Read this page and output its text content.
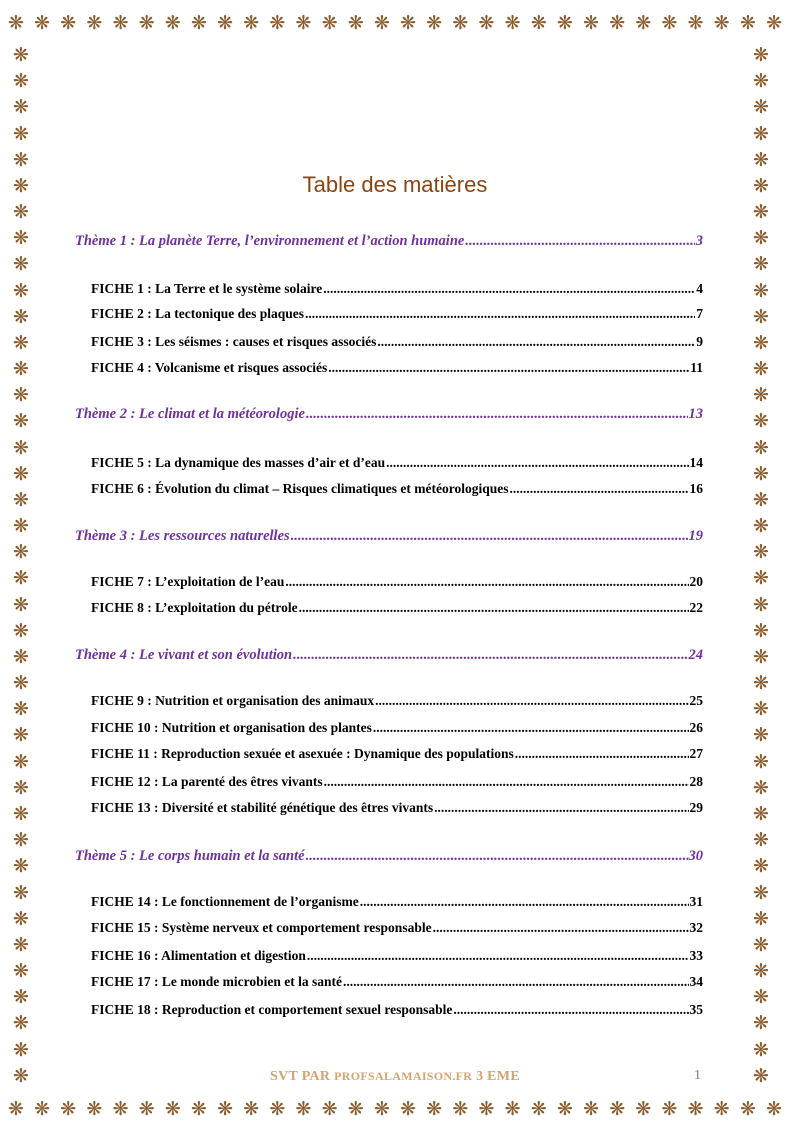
❋ ❋ ❋ ❋ ❋ ❋ ❋ ❋ ❋ ❋ ❋ ❋ ❋ ❋ ❋ ❋ ❋ ❋ ❋ ❋ ❋ ❋ ❋ ❋ ❋ ❋ ❋ ❋ ❋ ❋
❋ ❋ ❋ ❋ ❋ ❋ ❋ ❋ ❋ ❋ ❋ ❋ ❋ ❋ ❋ ❋ ❋ ❋ ❋ ❋ ❋ ❋ ❋ ❋ ❋ ❋ ❋ ❋ ❋ ❋
❋
❋
❋
❋
❋
❋
❋
❋
❋
❋
❋
❋
❋
❋
❋
❋
❋
❋
❋
❋
❋
❋
❋
❋
❋
❋
❋
❋
❋
❋
❋
❋
❋
❋
❋
❋
❋
❋
❋
❋
❋
❋
❋
❋
❋
❋
❋
❋
❋
❋
❋
❋
❋
❋
❋
❋
❋
❋
❋
❋
❋
❋
❋
❋
❋
❋
❋
❋
❋
❋
❋
❋
❋
❋
❋
❋
❋
❋
❋
❋
Table des matières
Thème 1 : La planète Terre, l’environnement et l’action humaine .....	3
FICHE 1 : La Terre et le système solaire .....	4
FICHE 2 : La tectonique des plaques .....	7
FICHE 3 : Les séismes : causes et risques associés .....	9
FICHE 4 : Volcanisme et risques associés .....	11
Thème 2 : Le climat et la météorologie .....	13
FICHE 5 : La dynamique des masses d’air et d’eau .....	14
FICHE 6 : Évolution du climat – Risques climatiques et météorologiques .....	16
Thème 3 : Les ressources naturelles .....	19
FICHE 7 : L’exploitation de l’eau .....	20
FICHE 8 : L’exploitation du pétrole .....	22
Thème 4 : Le vivant et son évolution .....	24
FICHE 9 : Nutrition et organisation des animaux .....	25
FICHE 10 : Nutrition et organisation des plantes .....	26
FICHE 11 : Reproduction sexuée et asexuée : Dynamique des populations .....	27
FICHE 12 : La parenté des êtres vivants .....	28
FICHE 13 : Diversité et stabilité génétique des êtres vivants .....	29
Thème 5 : Le corps humain et la santé .....	30
FICHE 14 : Le fonctionnement de l’organisme .....	31
FICHE 15 : Système nerveux et comportement responsable .....	32
FICHE 16 : Alimentation et digestion .....	33
FICHE 17 : Le monde microbien et la santé .....	34
FICHE 18 : Reproduction et comportement sexuel responsable .....	35
SVT PAR PROFSALAMAISON.FR 3 EME	1
